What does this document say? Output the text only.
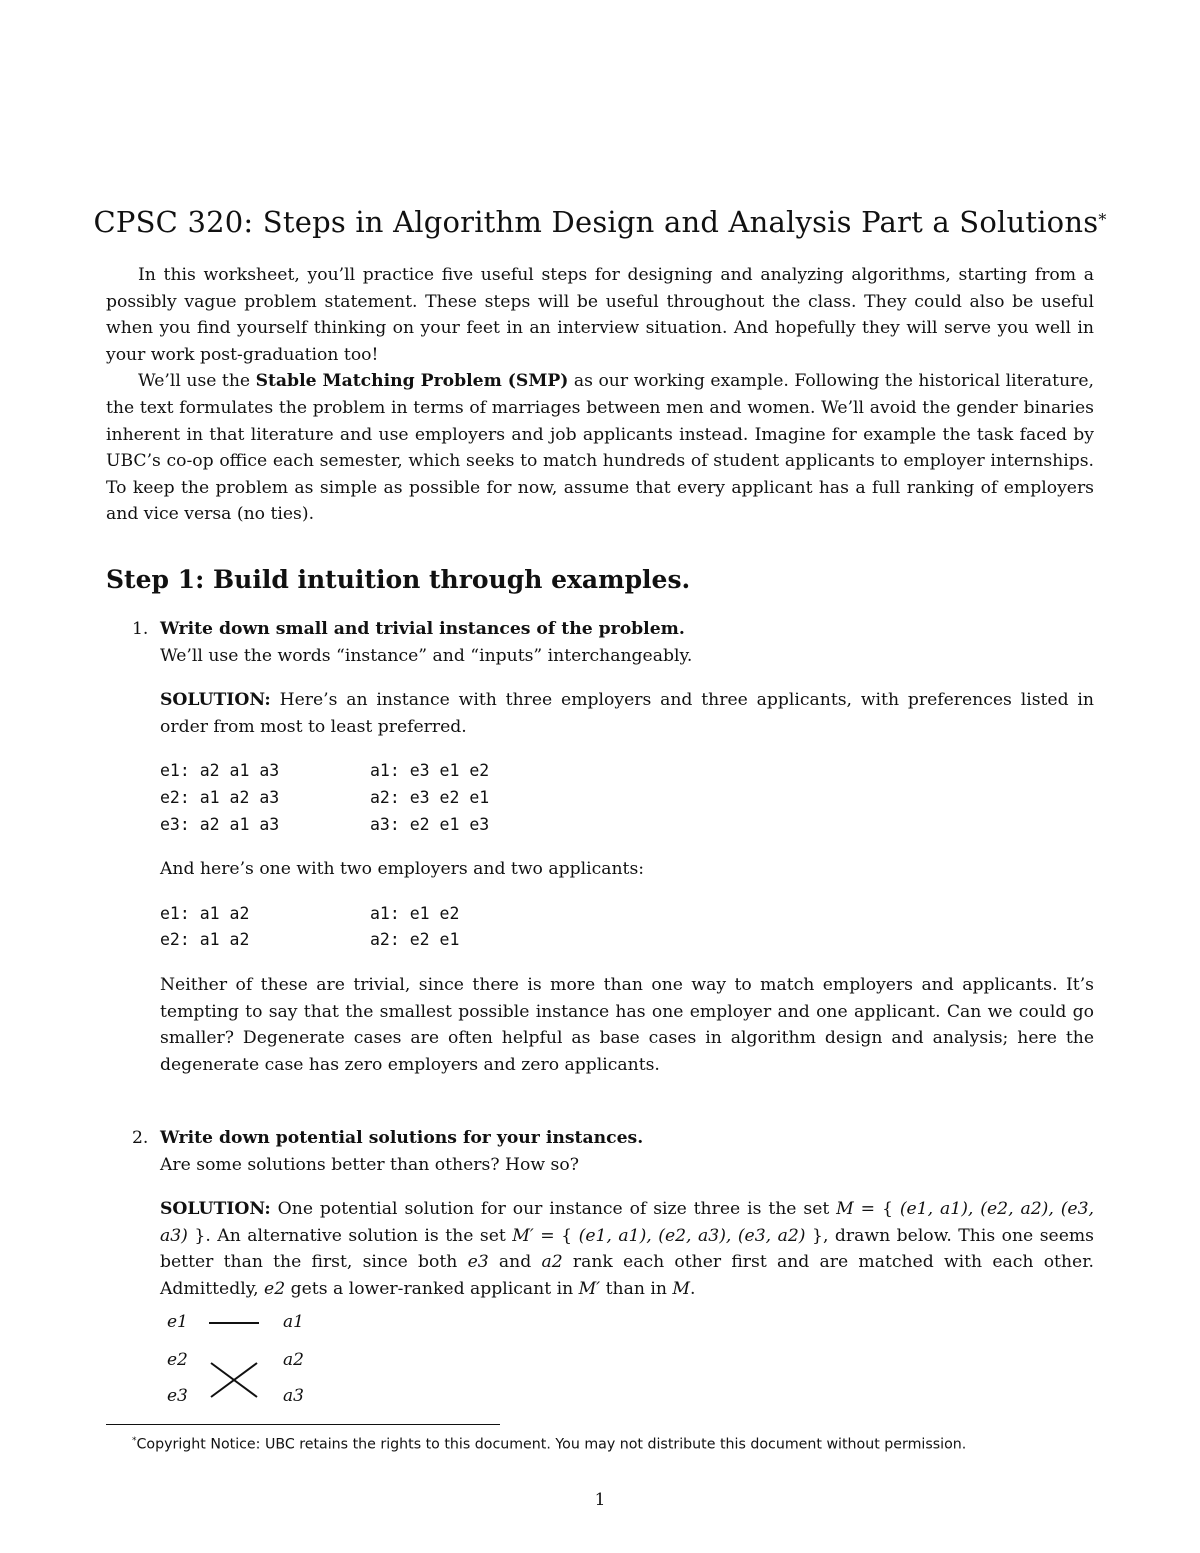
CPSC 320: Steps in Algorithm Design and Analysis Part a Solutions*

In this worksheet, you’ll practice five useful steps for designing and analyzing algorithms, starting from a possibly vague problem statement. These steps will be useful throughout the class. They could also be useful when you find yourself thinking on your feet in an interview situation. And hopefully they will serve you well in your work post-graduation too!

We’ll use the Stable Matching Problem (SMP) as our working example. Following the historical literature, the text formulates the problem in terms of marriages between men and women. We’ll avoid the gender binaries inherent in that literature and use employers and job applicants instead. Imagine for example the task faced by UBC’s co-op office each semester, which seeks to match hundreds of student applicants to employer internships. To keep the problem as simple as possible for now, assume that every applicant has a full ranking of employers and vice versa (no ties).

Step 1: Build intuition through examples.
1. Write down small and trivial instances of the problem.

We’ll use the words “instance” and “inputs” interchangeably.

SOLUTION: Here’s an instance with three employers and three applicants, with preferences listed in order from most to least preferred.

e1: a2 a1 a3
e2: a1 a2 a3
e3: a2 a1 a3
a1: e3 e1 e2
a2: e3 e2 e1
a3: e2 e1 e3

And here’s one with two employers and two applicants:

e1: a1 a2
e2: a1 a2
a1: e1 e2
a2: e2 e1

Neither of these are trivial, since there is more than one way to match employers and applicants. It’s tempting to say that the smallest possible instance has one employer and one applicant. Can we could go smaller? Degenerate cases are often helpful as base cases in algorithm design and analysis; here the degenerate case has zero employers and zero applicants.

2. Write down potential solutions for your instances.

Are some solutions better than others? How so?

SOLUTION: One potential solution for our instance of size three is the set M = { (e1, a1), (e2, a2), (e3, a3) }. An alternative solution is the set M′ = { (e1, a1), (e2, a3), (e3, a2) }, drawn below. This one seems better than the first, since both e3 and a2 rank each other first and are matched with each other. Admittedly, e2 gets a lower-ranked applicant in M′ than in M.

e1
e2
e3
a1
a2
a3
*Copyright Notice: UBC retains the rights to this document. You may not distribute this document without permission.
1
